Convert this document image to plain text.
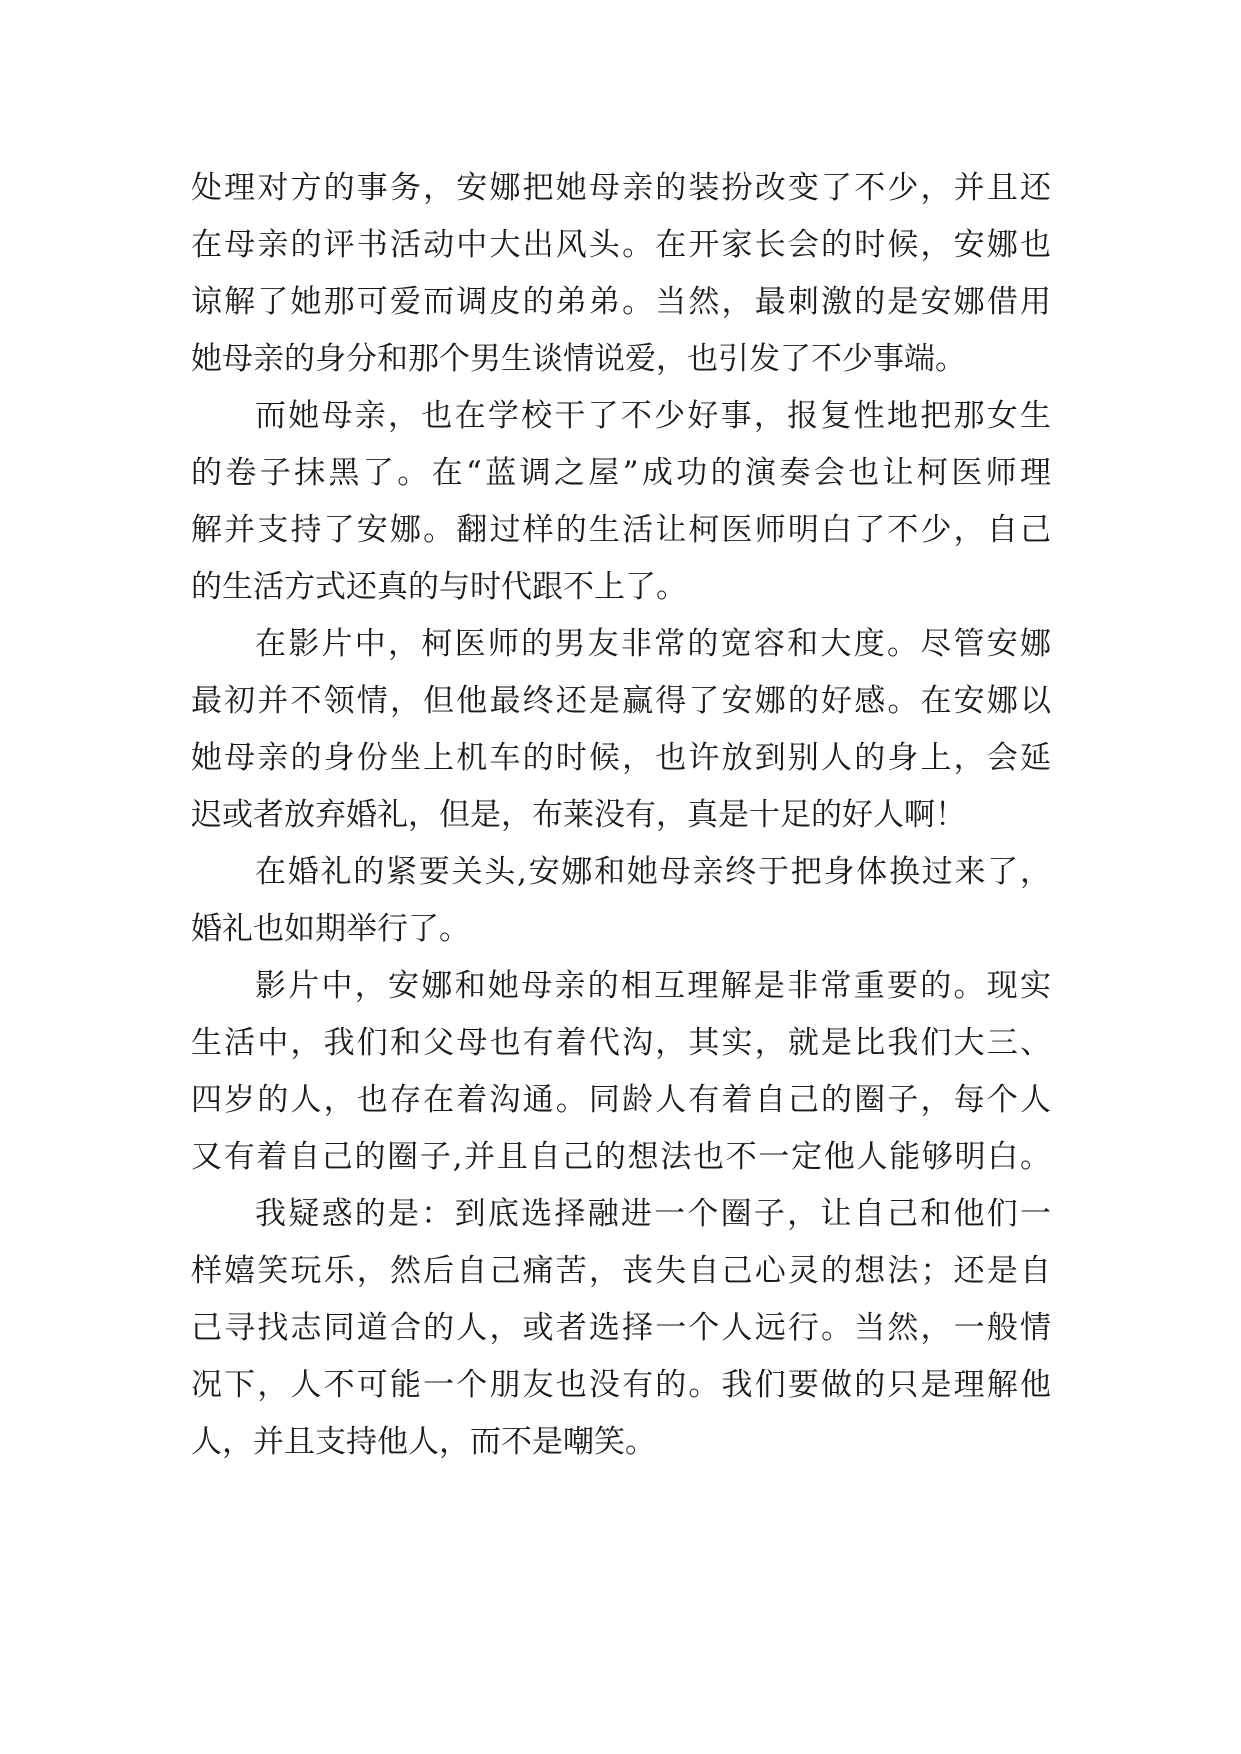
处理对方的事务，安娜把她母亲的装扮改变了不少，并且还
在母亲的评书活动中大出风头。在开家长会的时候，安娜也
谅解了她那可爱而调皮的弟弟。当然，最刺激的是安娜借用
她母亲的身分和那个男生谈情说爱，也引发了不少事端。
而她母亲，也在学校干了不少好事，报复性地把那女生
的卷子抹黑了。在“蓝调之屋”成功的演奏会也让柯医师理
解并支持了安娜。翻过样的生活让柯医师明白了不少，自己
的生活方式还真的与时代跟不上了。
在影片中，柯医师的男友非常的宽容和大度。尽管安娜
最初并不领情，但他最终还是赢得了安娜的好感。在安娜以
她母亲的身份坐上机车的时候，也许放到别人的身上，会延
迟或者放弃婚礼，但是，布莱没有，真是十足的好人啊！
在婚礼的紧要关头,安娜和她母亲终于把身体换过来了，
婚礼也如期举行了。
影片中，安娜和她母亲的相互理解是非常重要的。现实
生活中，我们和父母也有着代沟，其实，就是比我们大三、
四岁的人，也存在着沟通。同龄人有着自己的圈子，每个人
又有着自己的圈子,并且自己的想法也不一定他人能够明白。
我疑惑的是：到底选择融进一个圈子，让自己和他们一
样嬉笑玩乐，然后自己痛苦，丧失自己心灵的想法；还是自
己寻找志同道合的人，或者选择一个人远行。当然，一般情
况下，人不可能一个朋友也没有的。我们要做的只是理解他
人，并且支持他人，而不是嘲笑。
